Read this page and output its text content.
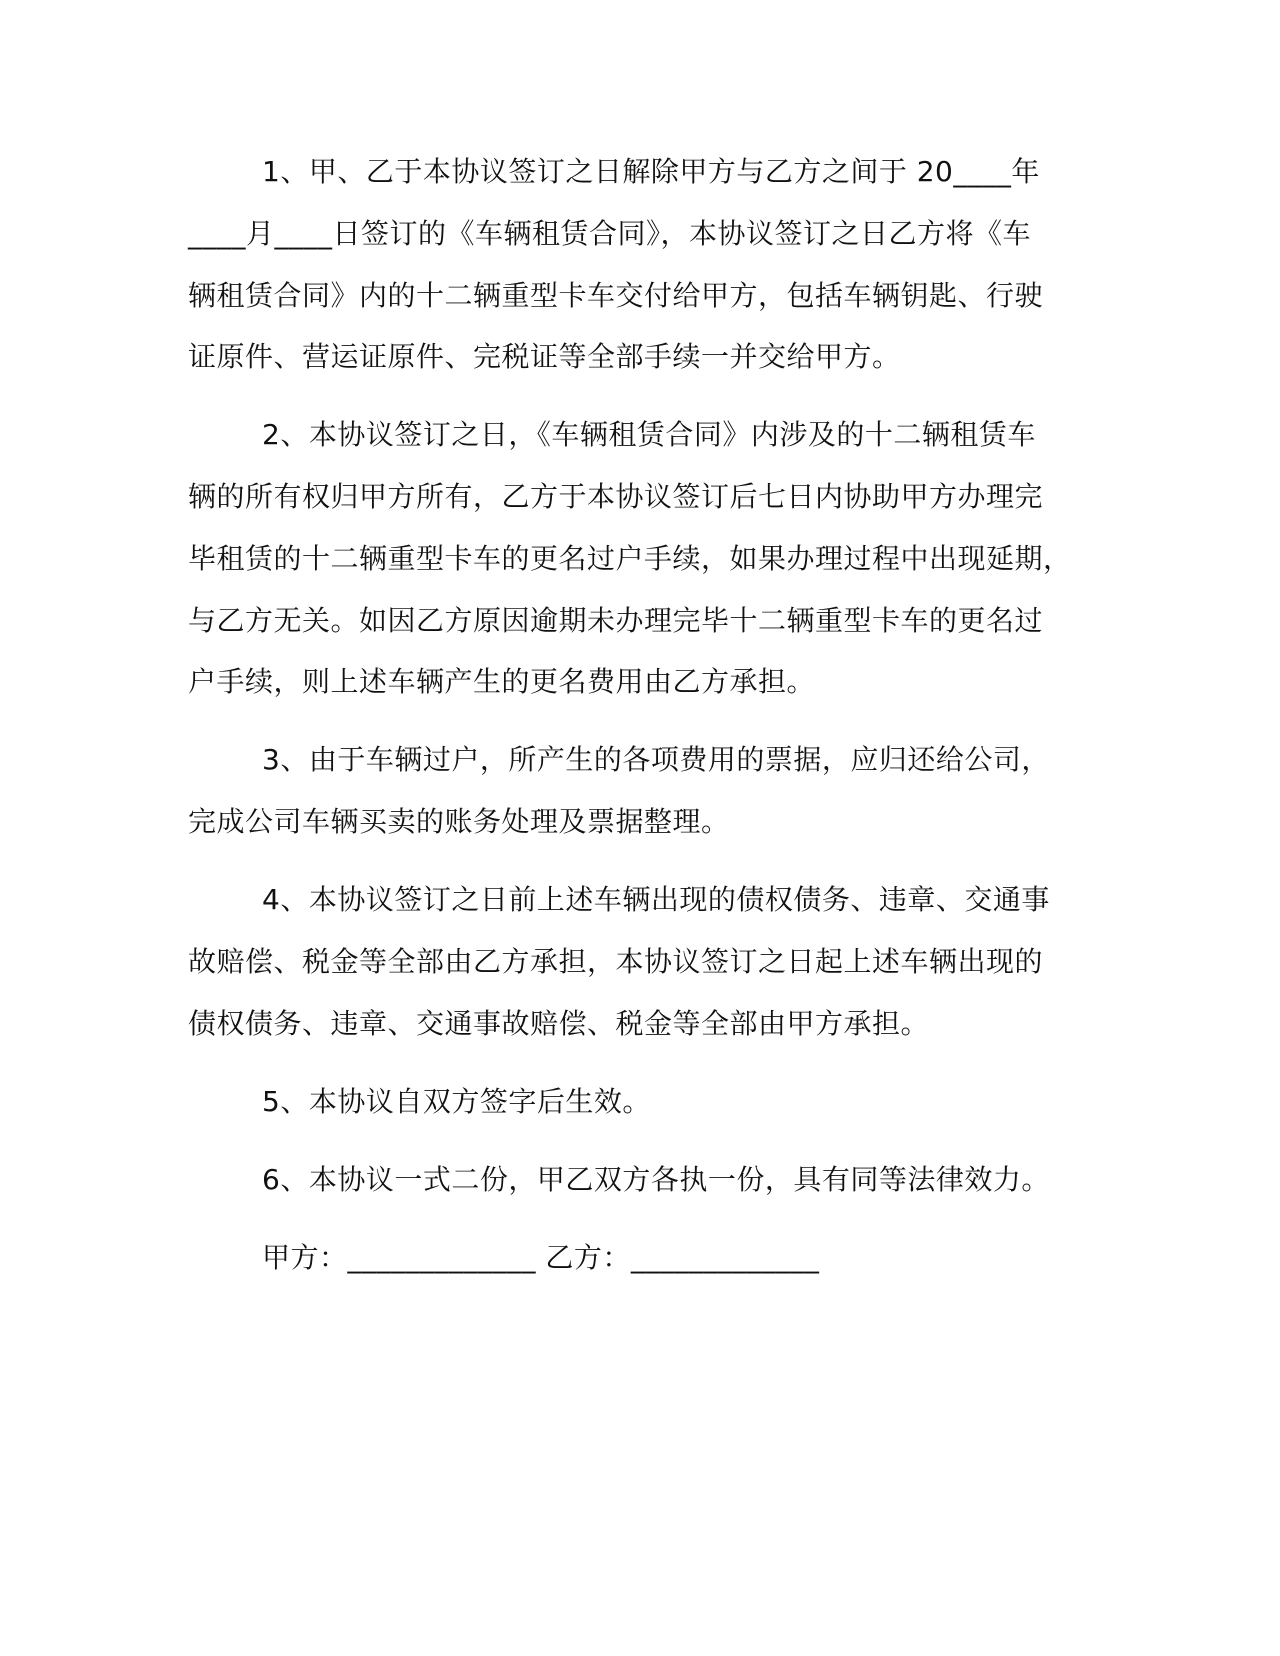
1、甲、乙于本协议签订之日解除甲方与乙方之间于 20____年
____月____日签订的《车辆租赁合同》，本协议签订之日乙方将《车
辆租赁合同》内的十二辆重型卡车交付给甲方，包括车辆钥匙、行驶
证原件、营运证原件、完税证等全部手续一并交给甲方。
2、本协议签订之日，《车辆租赁合同》内涉及的十二辆租赁车
辆的所有权归甲方所有，乙方于本协议签订后七日内协助甲方办理完
毕租赁的十二辆重型卡车的更名过户手续，如果办理过程中出现延期，
与乙方无关。如因乙方原因逾期未办理完毕十二辆重型卡车的更名过
户手续，则上述车辆产生的更名费用由乙方承担。
3、由于车辆过户，所产生的各项费用的票据，应归还给公司，
完成公司车辆买卖的账务处理及票据整理。
4、本协议签订之日前上述车辆出现的债权债务、违章、交通事
故赔偿、税金等全部由乙方承担，本协议签订之日起上述车辆出现的
债权债务、违章、交通事故赔偿、税金等全部由甲方承担。
5、本协议自双方签字后生效。
6、本协议一式二份，甲乙双方各执一份，具有同等法律效力。
甲方：_____________ 乙方：_____________
